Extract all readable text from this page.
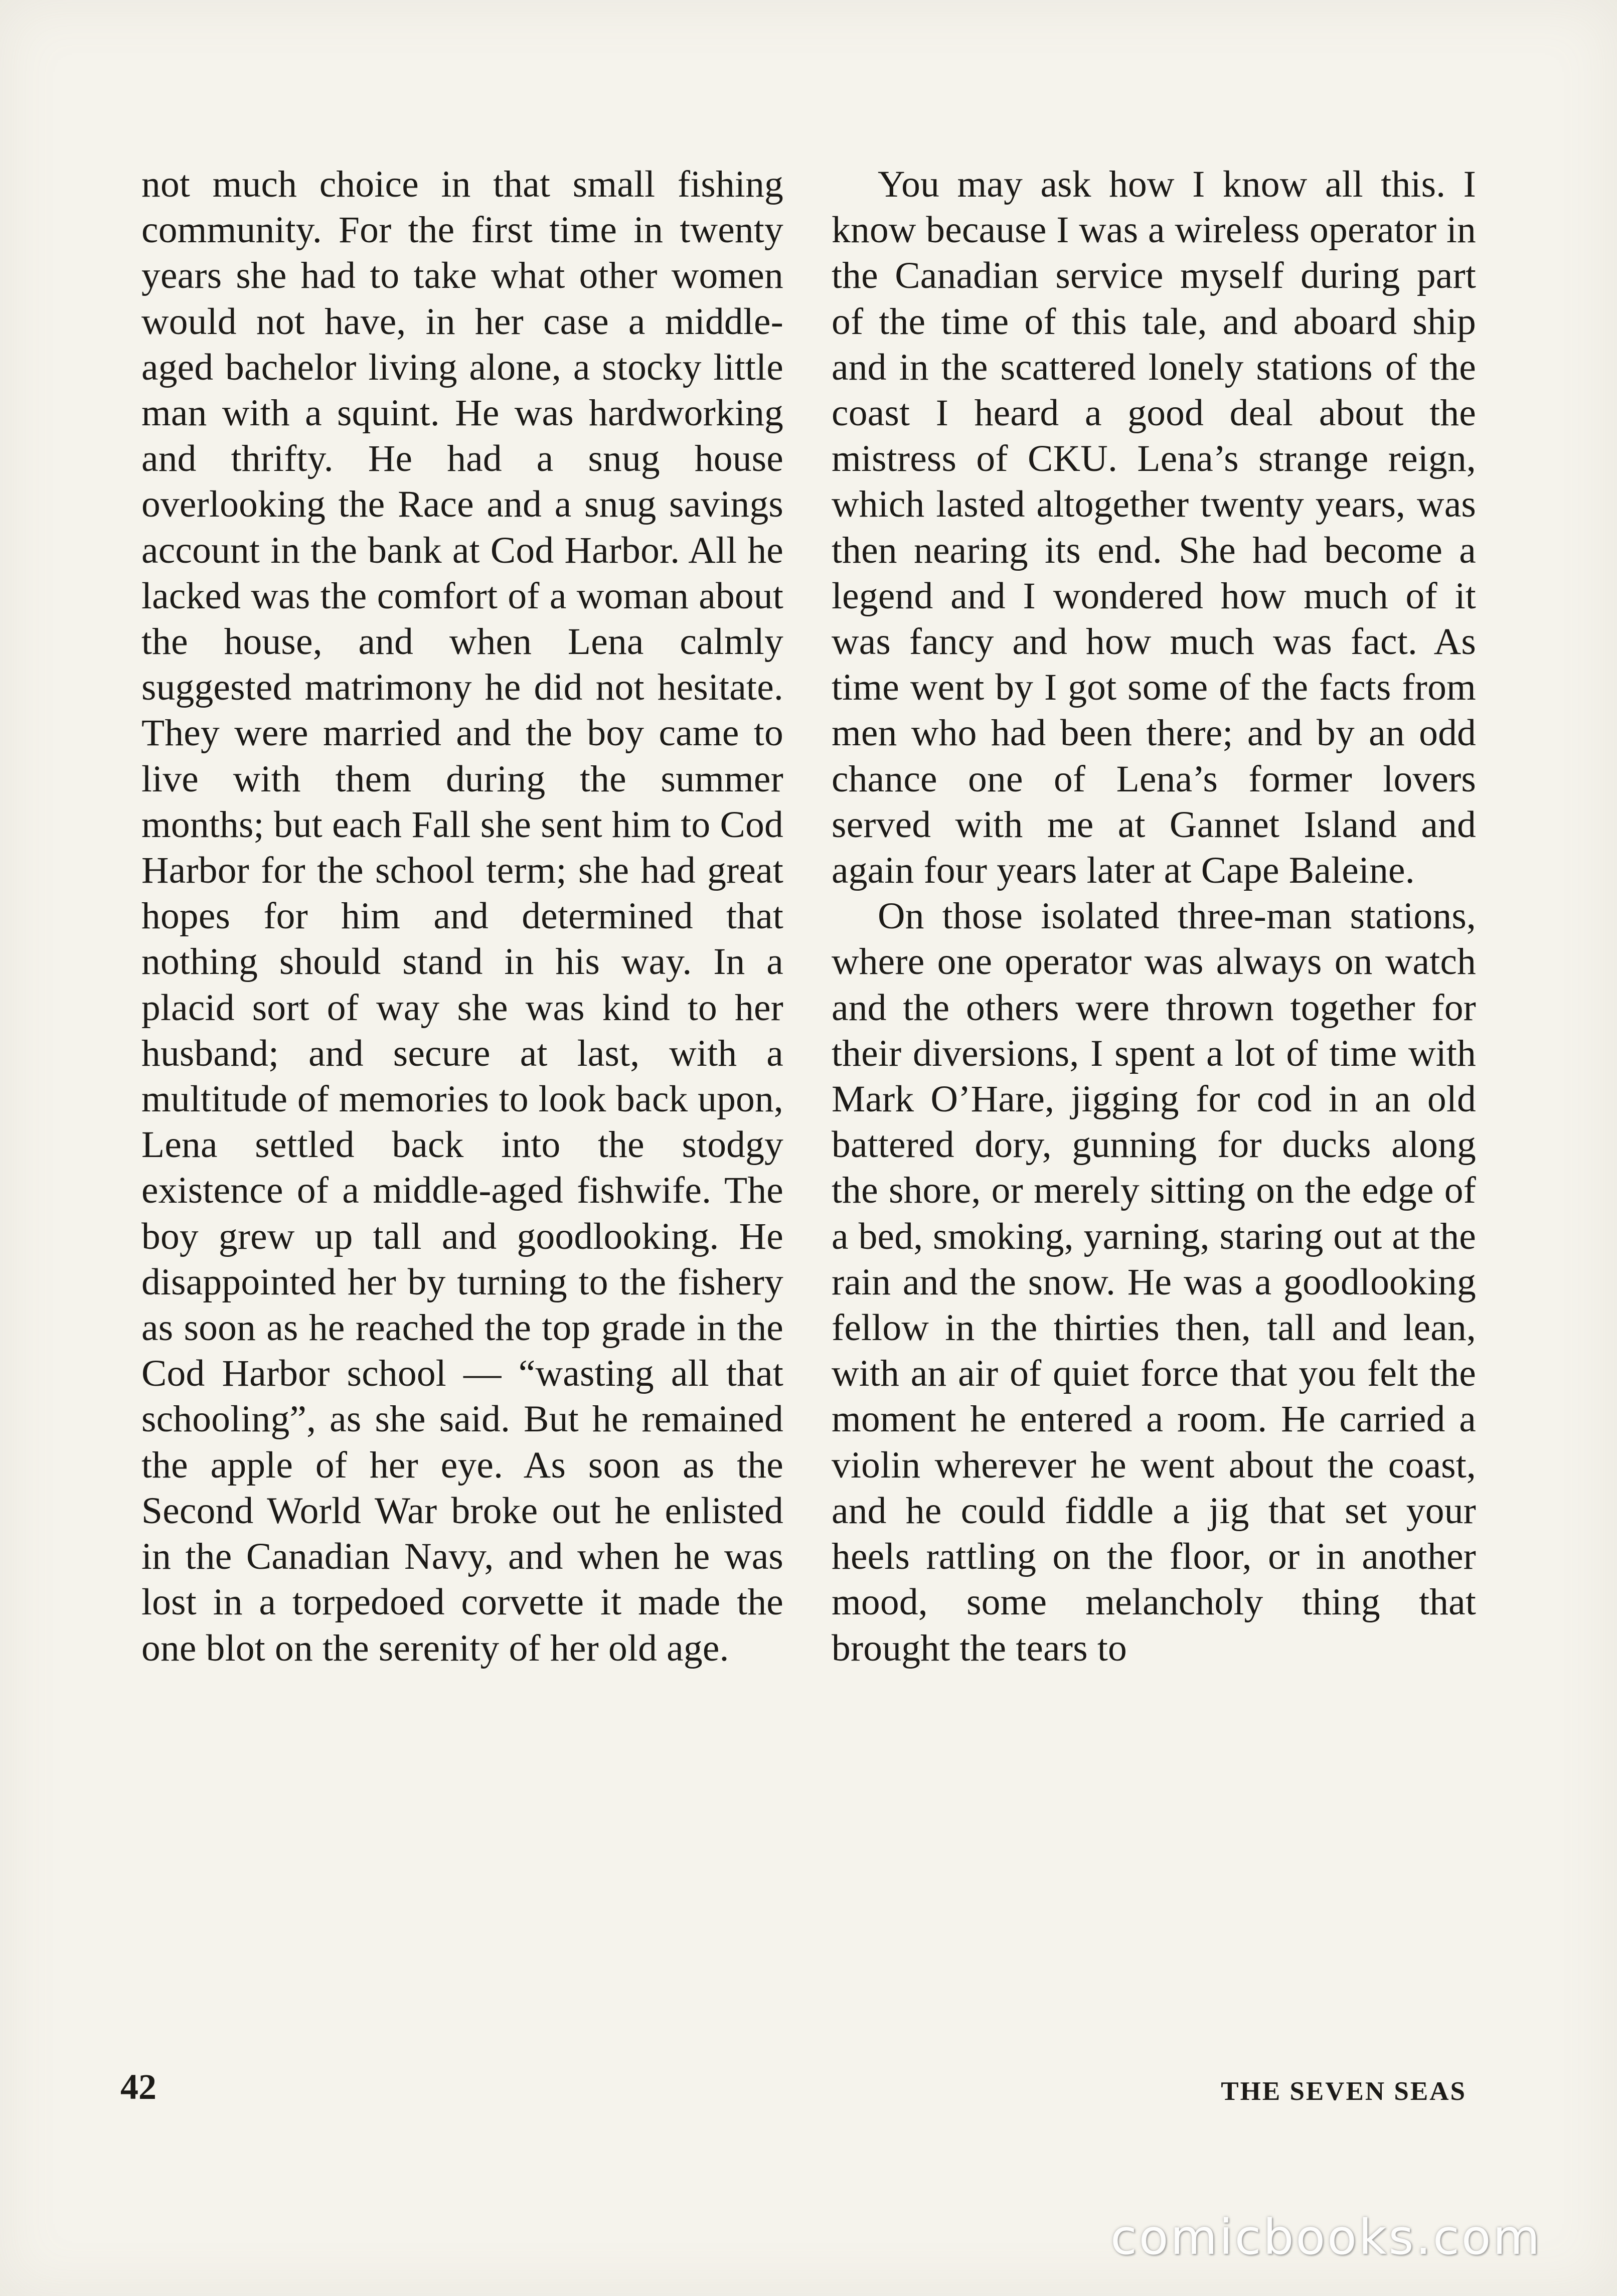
not much choice in that small fishing community. For the first time in twenty years she had to take what other women would not have, in her case a middle-aged bachelor living alone, a stocky little man with a squint. He was hardworking and thrifty. He had a snug house overlooking the Race and a snug savings account in the bank at Cod Harbor. All he lacked was the comfort of a woman about the house, and when Lena calmly suggested matrimony he did not hesitate. They were married and the boy came to live with them during the summer months; but each Fall she sent him to Cod Harbor for the school term; she had great hopes for him and determined that nothing should stand in his way. In a placid sort of way she was kind to her husband; and secure at last, with a multitude of memories to look back upon, Lena settled back into the stodgy existence of a middle-aged fishwife. The boy grew up tall and goodlooking. He disappointed her by turning to the fishery as soon as he reached the top grade in the Cod Harbor school — “wasting all that schooling”, as she said. But he remained the apple of her eye. As soon as the Second World War broke out he enlisted in the Canadian Navy, and when he was lost in a torpedoed corvette it made the one blot on the serenity of her old age.

You may ask how I know all this. I know because I was a wireless operator in the Canadian service myself during part of the time of this tale, and aboard ship and in the scattered lonely stations of the coast I heard a good deal about the mistress of CKU. Lena’s strange reign, which lasted altogether twenty years, was then nearing its end. She had become a legend and I wondered how much of it was fancy and how much was fact. As time went by I got some of the facts from men who had been there; and by an odd chance one of Lena’s former lovers served with me at Gannet Island and again four years later at Cape Baleine.

On those isolated three-man stations, where one operator was always on watch and the others were thrown together for their diversions, I spent a lot of time with Mark O’Hare, jigging for cod in an old battered dory, gunning for ducks along the shore, or merely sitting on the edge of a bed, smoking, yarning, staring out at the rain and the snow. He was a goodlooking fellow in the thirties then, tall and lean, with an air of quiet force that you felt the moment he entered a room. He carried a violin wherever he went about the coast, and he could fiddle a jig that set your heels rattling on the floor, or in another mood, some melancholy thing that brought the tears to

42	THE SEVEN SEAS
comicbooks.com
